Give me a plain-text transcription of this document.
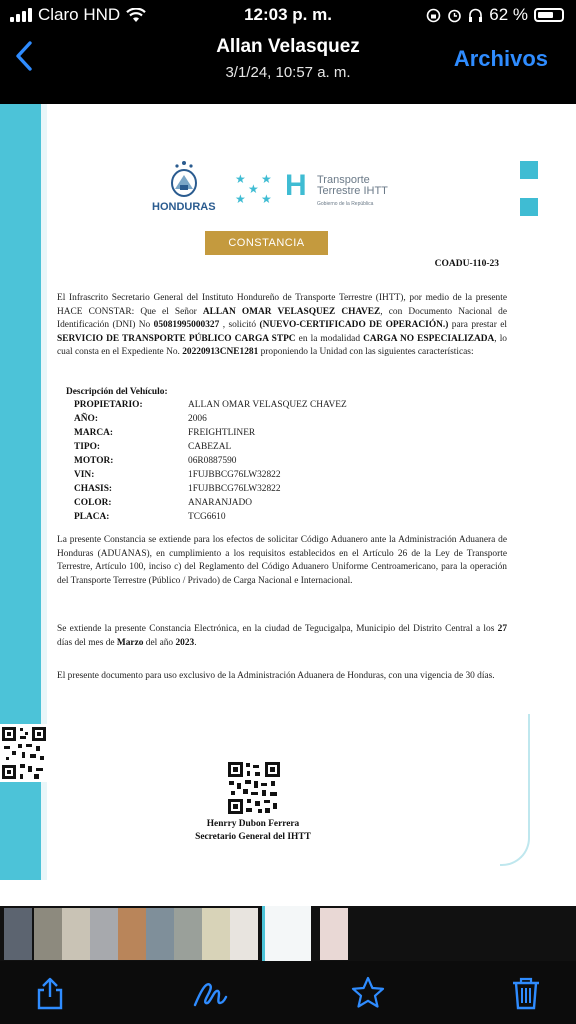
Claro HND	12:03 p. m.	62 %
Allan Velasquez
3/1/24, 10:57 a. m.
Archivos
HONDURAS
★ ★
★
★ ★ H Transporte
Terrestre IHTT
Gobierno de la República
CONSTANCIA
COADU-110-23
El Infrascrito Secretario General del Instituto Hondureño de Transporte Terrestre (IHTT), por medio de la presente HACE CONSTAR: Que el Señor ALLAN OMAR VELASQUEZ CHAVEZ, con Documento Nacional de Identificación (DNI) No 05081995000327 , solicitó (NUEVO-CERTIFICADO DE OPERACIÓN.) para prestar el SERVICIO DE TRANSPORTE PÚBLICO CARGA STPC en la modalidad CARGA NO ESPECIALIZADA, lo cual consta en el Expediente No. 20220913CNE1281 proponiendo la Unidad con las siguientes características:
Descripción del Vehículo:
PROPIETARIO:	ALLAN OMAR VELASQUEZ CHAVEZ
AÑO:	2006
MARCA:	FREIGHTLINER
TIPO:	CABEZAL
MOTOR:	06R0887590
VIN:	1FUJBBCG76LW32822
CHASIS:	1FUJBBCG76LW32822
COLOR:	ANARANJADO
PLACA:	TCG6610
La presente Constancia se extiende para los efectos de solicitar Código Aduanero ante la Administración Aduanera de Honduras (ADUANAS), en cumplimiento a los requisitos establecidos en el Artículo 26 de la Ley de Transporte Terrestre, Artículo 100, inciso c) del Reglamento del Código Aduanero Uniforme Centroamericano, para la operación del Transporte Terrestre (Público / Privado) de Carga Nacional e Internacional.
Se extiende la presente Constancia Electrónica, en la ciudad de Tegucigalpa, Municipio del Distrito Central a los 27 días del mes de Marzo del año 2023.
El presente documento para uso exclusivo de la Administración Aduanera de Honduras, con una vigencia de 30 días.
Henrry Dubon Ferrera
Secretario General del IHTT
